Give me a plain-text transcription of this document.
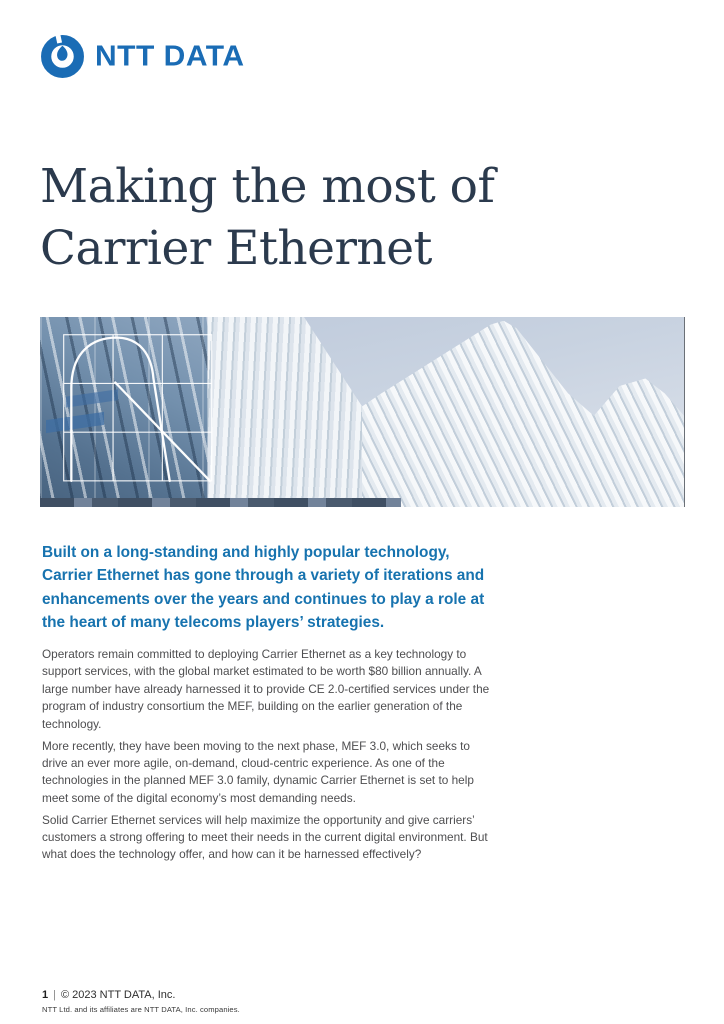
NTT DATA
Making the most of
Carrier Ethernet
Built on a long-standing and highly popular technology, Carrier Ethernet has gone through a variety of iterations and enhancements over the years and continues to play a role at the heart of many telecoms players’ strategies.

Operators remain committed to deploying Carrier Ethernet as a key technology to support services, with the global market estimated to be worth $80 billion annually. A large number have already harnessed it to provide CE 2.0-certified services under the program of industry consortium the MEF, building on the earlier generation of the technology.

More recently, they have been moving to the next phase, MEF 3.0, which seeks to drive an ever more agile, on-demand, cloud-centric experience. As one of the technologies in the planned MEF 3.0 family, dynamic Carrier Ethernet is set to help meet some of the digital economy’s most demanding needs.

Solid Carrier Ethernet services will help maximize the opportunity and give carriers’ customers a strong offering to meet their needs in the current digital environment. But what does the technology offer, and how can it be harnessed effectively?

1 | © 2023 NTT DATA, Inc.
NTT Ltd. and its affiliates are NTT DATA, Inc. companies.
